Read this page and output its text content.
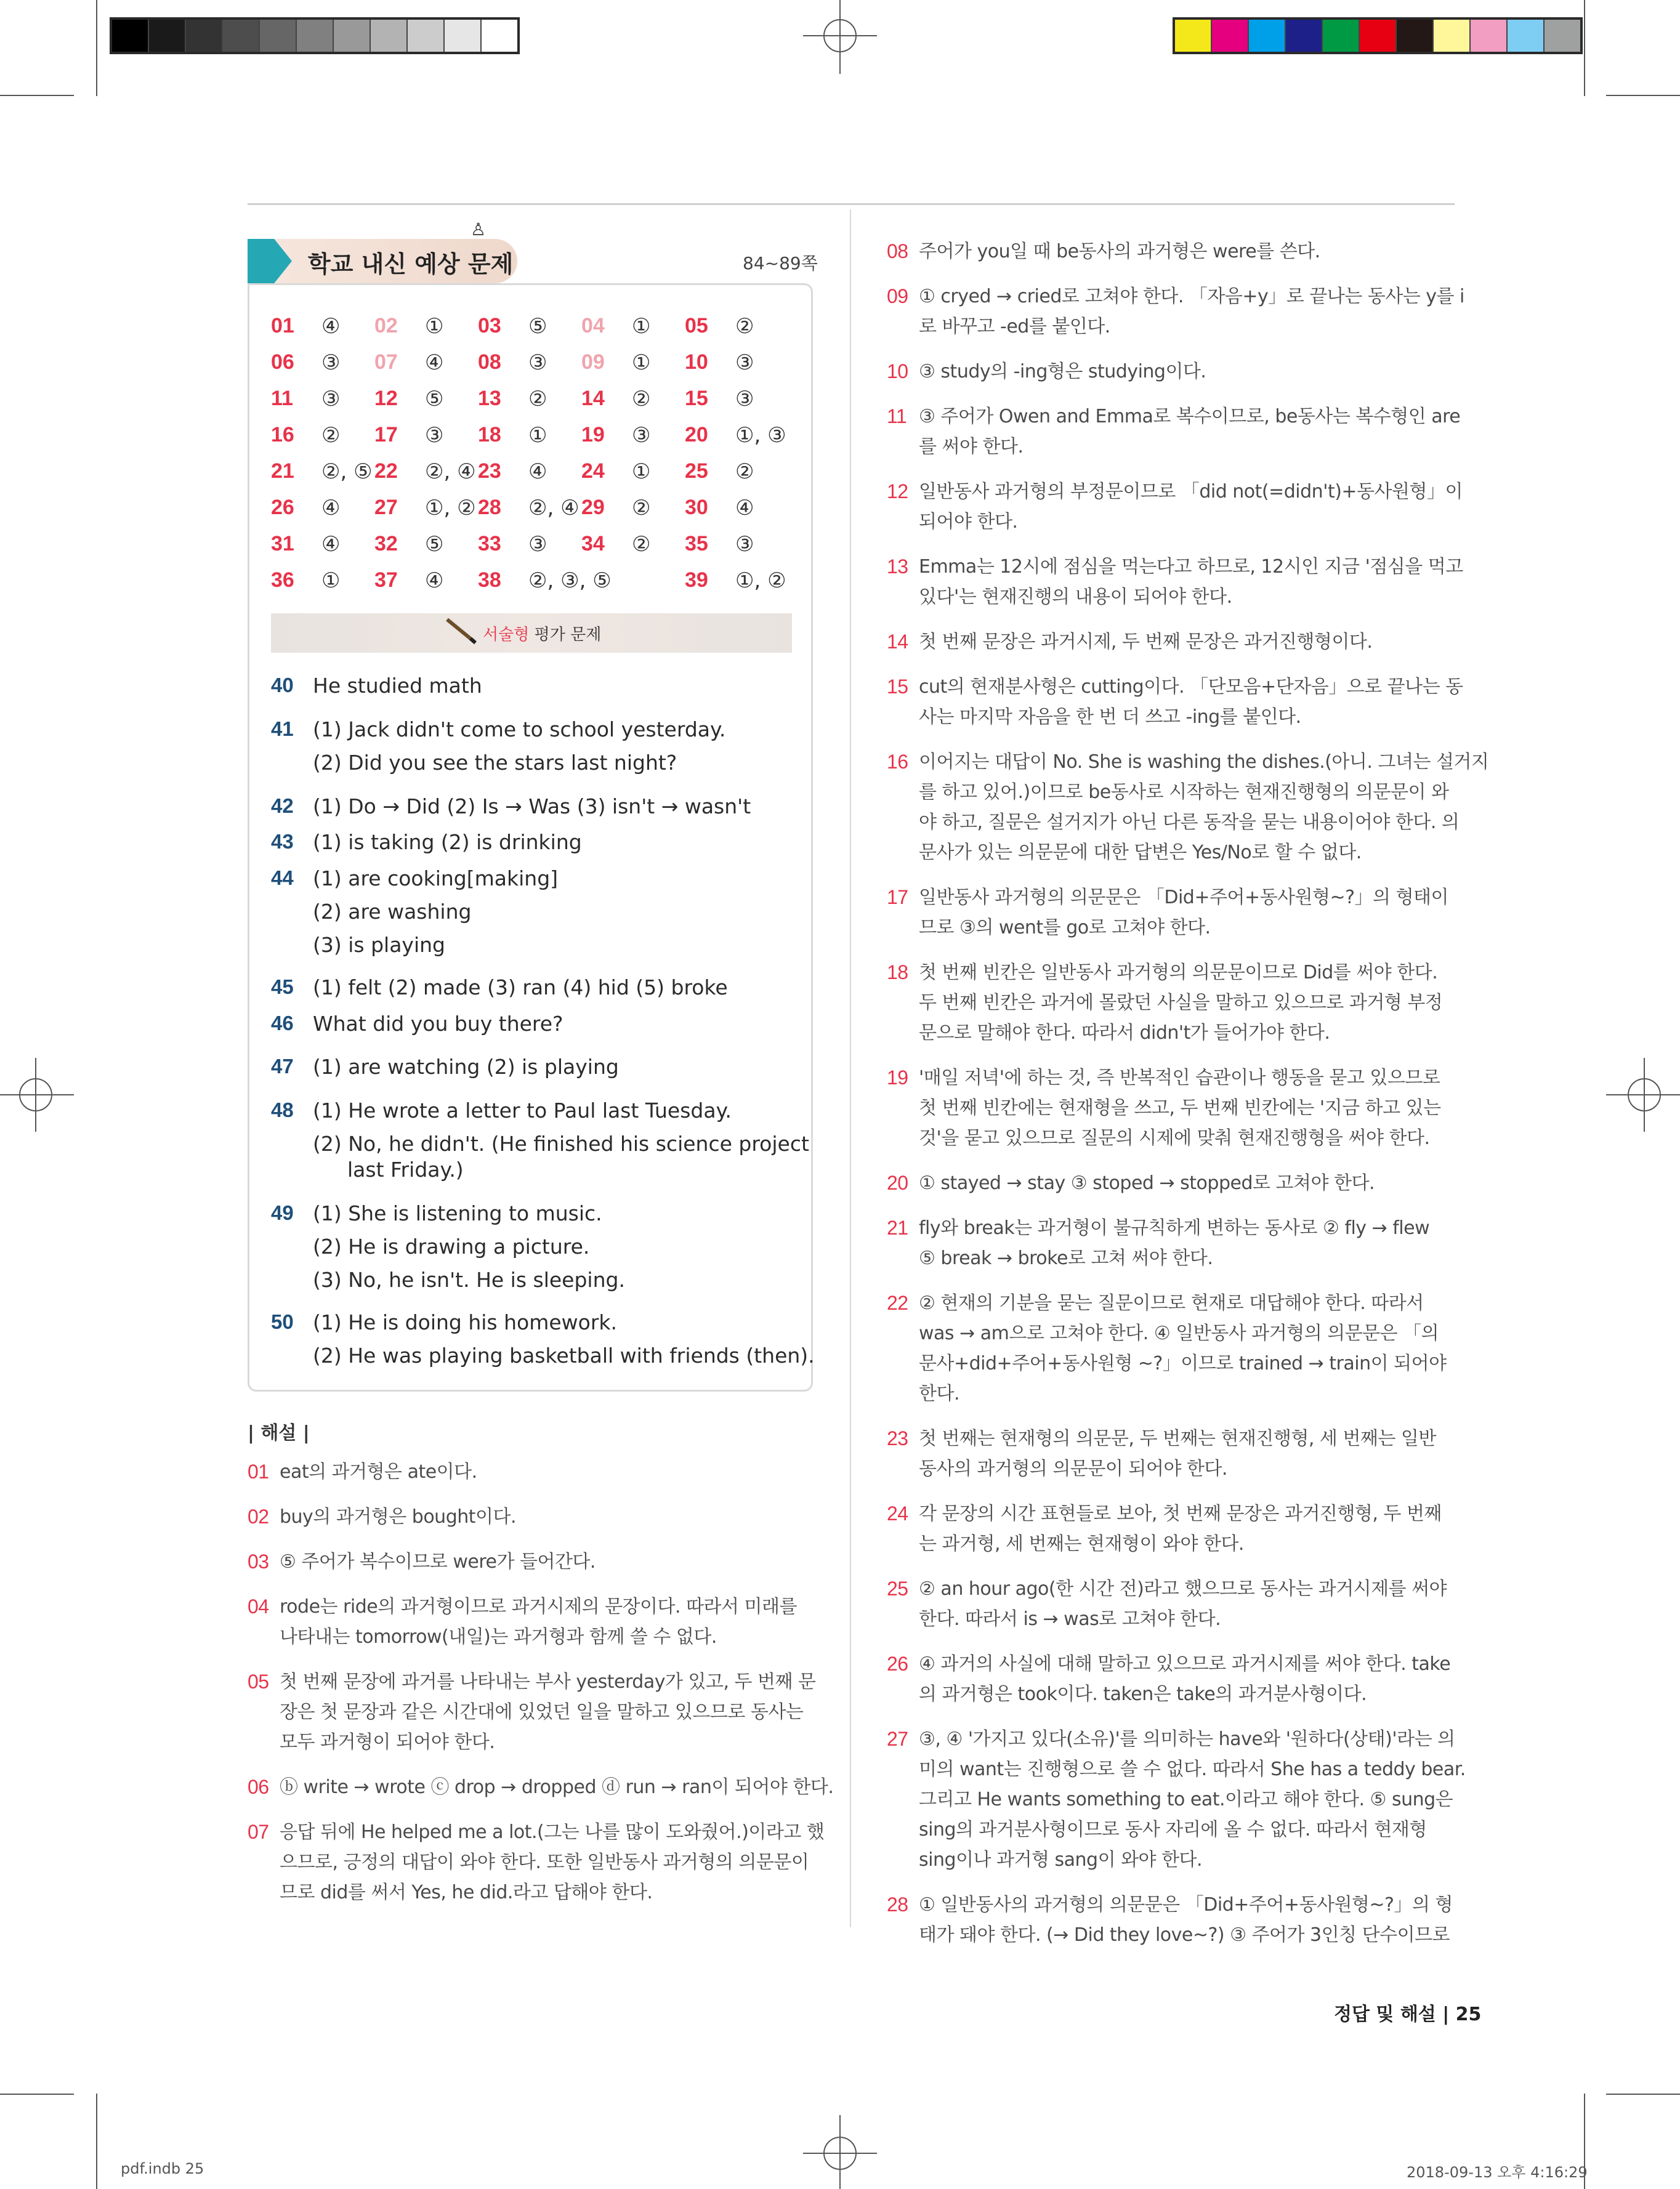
♙
학교 내신 예상 문제	84~89쪽
01	④ 02	① 03	⑤ 04	① 05	②
06	③ 07	④ 08	③ 09	① 10	③
11	③ 12	⑤ 13	② 14	② 15	③
16	② 17	③ 18	① 19	③ 20	①, ③
21	②, ⑤ 22	②, ④ 23	④ 24	① 25	②
26	④ 27	①, ② 28	②, ④ 29	② 30	④
31	④ 32	⑤ 33	③ 34	② 35	③
36	① 37	④ 38	②, ③, ⑤	39	①, ②
서술형 평가 문제
40 He studied math
41 (1) Jack didn't come to school yesterday.
(2) Did you see the stars last night?
42 (1) Do → Did (2) Is → Was (3) isn't → wasn't
43 (1) is taking (2) is drinking
44 (1) are cooking[making]
(2) are washing
(3) is playing
45 (1) felt (2) made (3) ran (4) hid (5) broke
46 What did you buy there?
47 (1) are watching (2) is playing
48 (1) He wrote a letter to Paul last Tuesday.
(2) No, he didn't. (He finished his science project
last Friday.)
49 (1) She is listening to music.
(2) He is drawing a picture.
(3) No, he isn't. He is sleeping.
50 (1) He is doing his homework.
(2) He was playing basketball with friends (then).
| 해설 |
01 eat의 과거형은 ate이다.
02 buy의 과거형은 bought이다.
03 ⑤ 주어가 복수이므로 were가 들어간다.
04 rode는 ride의 과거형이므로 과거시제의 문장이다. 따라서 미래를
나타내는 tomorrow(내일)는 과거형과 함께 쓸 수 없다.
05 첫 번째 문장에 과거를 나타내는 부사 yesterday가 있고, 두 번째 문
장은 첫 문장과 같은 시간대에 있었던 일을 말하고 있으므로 동사는
모두 과거형이 되어야 한다.
06 ⓑ write → wrote ⓒ drop → dropped ⓓ run → ran이 되어야 한다.
07 응답 뒤에 He helped me a lot.(그는 나를 많이 도와줬어.)이라고 했
으므로, 긍정의 대답이 와야 한다. 또한 일반동사 과거형의 의문문이
므로 did를 써서 Yes, he did.라고 답해야 한다.
08 주어가 you일 때 be동사의 과거형은 were를 쓴다.
09 ① cryed → cried로 고쳐야 한다. 「자음+y」로 끝나는 동사는 y를 i
로 바꾸고 -ed를 붙인다.
10 ③ study의 -ing형은 studying이다.
11 ③ 주어가 Owen and Emma로 복수이므로, be동사는 복수형인 are
를 써야 한다.
12 일반동사 과거형의 부정문이므로 「did not(=didn't)+동사원형」이
되어야 한다.
13 Emma는 12시에 점심을 먹는다고 하므로, 12시인 지금 '점심을 먹고
있다'는 현재진행의 내용이 되어야 한다.
14 첫 번째 문장은 과거시제, 두 번째 문장은 과거진행형이다.
15 cut의 현재분사형은 cutting이다. 「단모음+단자음」으로 끝나는 동
사는 마지막 자음을 한 번 더 쓰고 -ing를 붙인다.
16 이어지는 대답이 No. She is washing the dishes.(아니. 그녀는 설거지
를 하고 있어.)이므로 be동사로 시작하는 현재진행형의 의문문이 와
야 하고, 질문은 설거지가 아닌 다른 동작을 묻는 내용이어야 한다. 의
문사가 있는 의문문에 대한 답변은 Yes/No로 할 수 없다.
17 일반동사 과거형의 의문문은 「Did+주어+동사원형~?」의 형태이
므로 ③의 went를 go로 고쳐야 한다.
18 첫 번째 빈칸은 일반동사 과거형의 의문문이므로 Did를 써야 한다.
두 번째 빈칸은 과거에 몰랐던 사실을 말하고 있으므로 과거형 부정
문으로 말해야 한다. 따라서 didn't가 들어가야 한다.
19 '매일 저녁'에 하는 것, 즉 반복적인 습관이나 행동을 묻고 있으므로
첫 번째 빈칸에는 현재형을 쓰고, 두 번째 빈칸에는 '지금 하고 있는
것'을 묻고 있으므로 질문의 시제에 맞춰 현재진행형을 써야 한다.
20 ① stayed → stay ③ stoped → stopped로 고쳐야 한다.
21 fly와 break는 과거형이 불규칙하게 변하는 동사로 ② fly → flew
⑤ break → broke로 고쳐 써야 한다.
22 ② 현재의 기분을 묻는 질문이므로 현재로 대답해야 한다. 따라서
was → am으로 고쳐야 한다. ④ 일반동사 과거형의 의문문은 「의
문사+did+주어+동사원형 ~?」이므로 trained → train이 되어야
한다.
23 첫 번째는 현재형의 의문문, 두 번째는 현재진행형, 세 번째는 일반
동사의 과거형의 의문문이 되어야 한다.
24 각 문장의 시간 표현들로 보아, 첫 번째 문장은 과거진행형, 두 번째
는 과거형, 세 번째는 현재형이 와야 한다.
25 ② an hour ago(한 시간 전)라고 했으므로 동사는 과거시제를 써야
한다. 따라서 is → was로 고쳐야 한다.
26 ④ 과거의 사실에 대해 말하고 있으므로 과거시제를 써야 한다. take
의 과거형은 took이다. taken은 take의 과거분사형이다.
27 ③, ④ '가지고 있다(소유)'를 의미하는 have와 '원하다(상태)'라는 의
미의 want는 진행형으로 쓸 수 없다. 따라서 She has a teddy bear.
그리고 He wants something to eat.이라고 해야 한다. ⑤ sung은
sing의 과거분사형이므로 동사 자리에 올 수 없다. 따라서 현재형
sing이나 과거형 sang이 와야 한다.
28 ① 일반동사의 과거형의 의문문은 「Did+주어+동사원형~?」의 형
태가 돼야 한다. (→ Did they love~?) ③ 주어가 3인칭 단수이므로
정답 및 해설 | 25
pdf.indb 25	2018-09-13 오후 4:16:29
